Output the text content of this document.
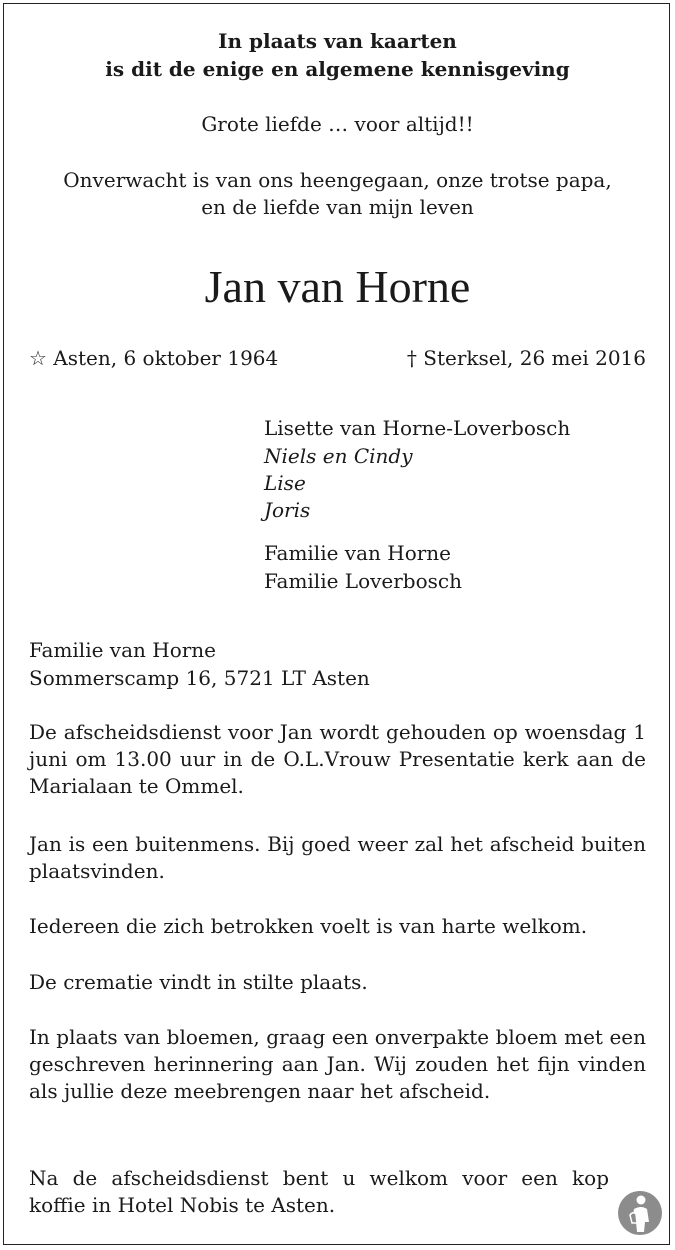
In plaats van kaarten
is dit de enige en algemene kennisgeving
Grote liefde … voor altijd!!
Onverwacht is van ons heengegaan, onze trotse papa,
en de liefde van mijn leven
Jan van Horne
☆ Asten, 6 oktober 1964	† Sterksel, 26 mei 2016
Lisette van Horne-Loverbosch
Niels en Cindy
Lise
Joris
Familie van Horne
Familie Loverbosch
Familie van Horne
Sommerscamp 16, 5721 LT Asten
De afscheidsdienst voor Jan wordt gehouden op woensdag 1 juni om 13.00 uur in de O.L.Vrouw Presentatie kerk aan de Marialaan te Ommel.
Jan is een buitenmens. Bij goed weer zal het afscheid buiten plaatsvinden.
Iedereen die zich betrokken voelt is van harte welkom.
De crematie vindt in stilte plaats.
In plaats van bloemen, graag een onverpakte bloem met een geschreven herinnering aan Jan. Wij zouden het fijn vinden als jullie deze meebrengen naar het afscheid.
Na de afscheidsdienst bent u welkom voor een kop koffie in Hotel Nobis te Asten.
